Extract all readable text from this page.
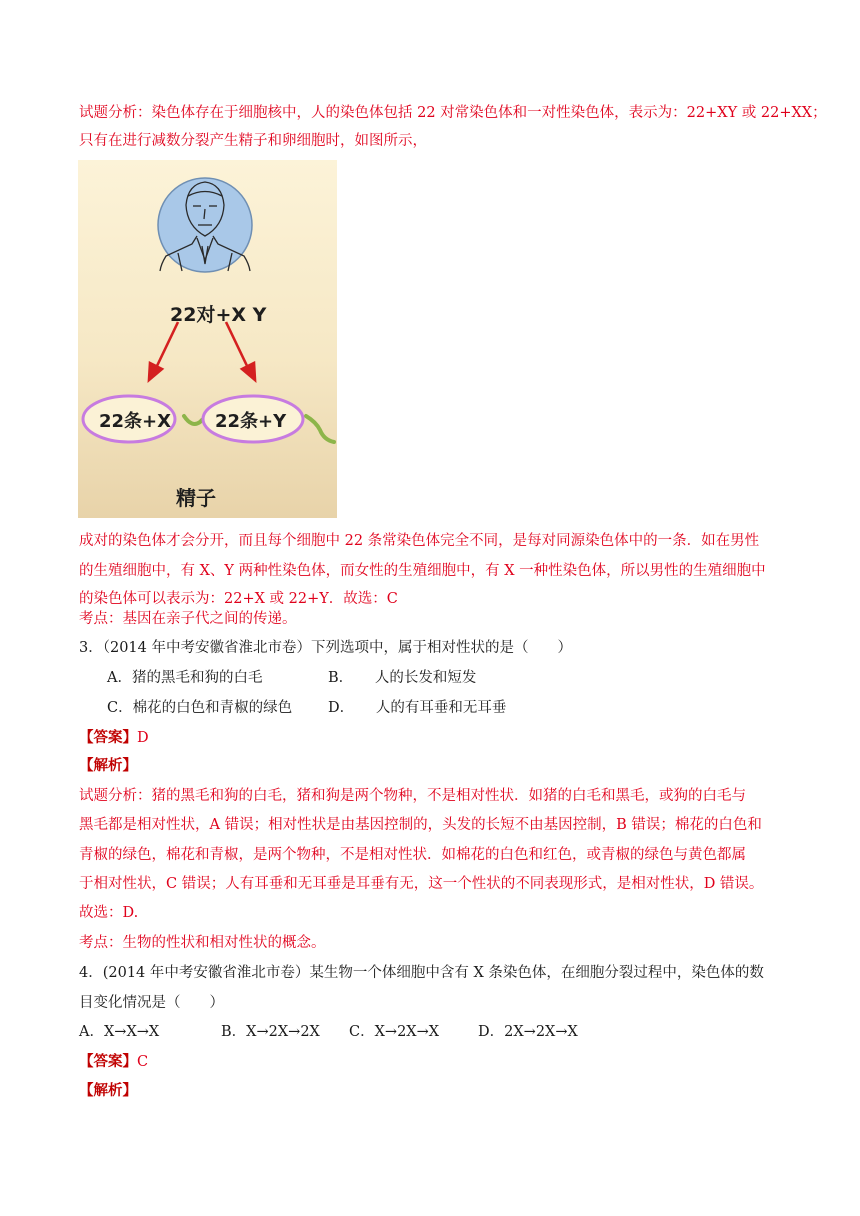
试题分析：染色体存在于细胞核中，人的染色体包括 22 对常染色体和一对性染色体，表示为：22+XY 或 22+XX；
只有在进行减数分裂产生精子和卵细胞时，如图所示，
22对+X Y
22条+X 22条+Y
精子
成对的染色体才会分开，而且每个细胞中 22 条常染色体完全不同，是每对同源染色体中的一条．如在男性
的生殖细胞中，有 X、Y 两种性染色体，而女性的生殖细胞中，有 X 一种性染色体，所以男性的生殖细胞中
的染色体可以表示为：22+X 或 22+Y．故选：C
考点：基因在亲子代之间的传递。
3．（2014 年中考安徽省淮北市卷）下列选项中，属于相对性状的是（　　）
A．猪的黑毛和狗的白毛	B．　　人的长发和短发
C．棉花的白色和青椒的绿色 D．　　人的有耳垂和无耳垂
【答案】D
【解析】
试题分析：猪的黑毛和狗的白毛，猪和狗是两个物种，不是相对性状．如猪的白毛和黑毛，或狗的白毛与
黑毛都是相对性状，A 错误；相对性状是由基因控制的，头发的长短不由基因控制，B 错误；棉花的白色和
青椒的绿色，棉花和青椒，是两个物种，不是相对性状．如棉花的白色和红色，或青椒的绿色与黄色都属
于相对性状，C 错误；人有耳垂和无耳垂是耳垂有无，这一个性状的不同表现形式，是相对性状，D 错误。
故选：D.
考点：生物的性状和相对性状的概念。
4．(2014 年中考安徽省淮北市卷）某生物一个体细胞中含有 X 条染色体，在细胞分裂过程中，染色体的数
目变化情况是（　　）
A．X→X→X	B．X→2X→2X C．X→2X→X	D．2X→2X→X
【答案】C
【解析】
